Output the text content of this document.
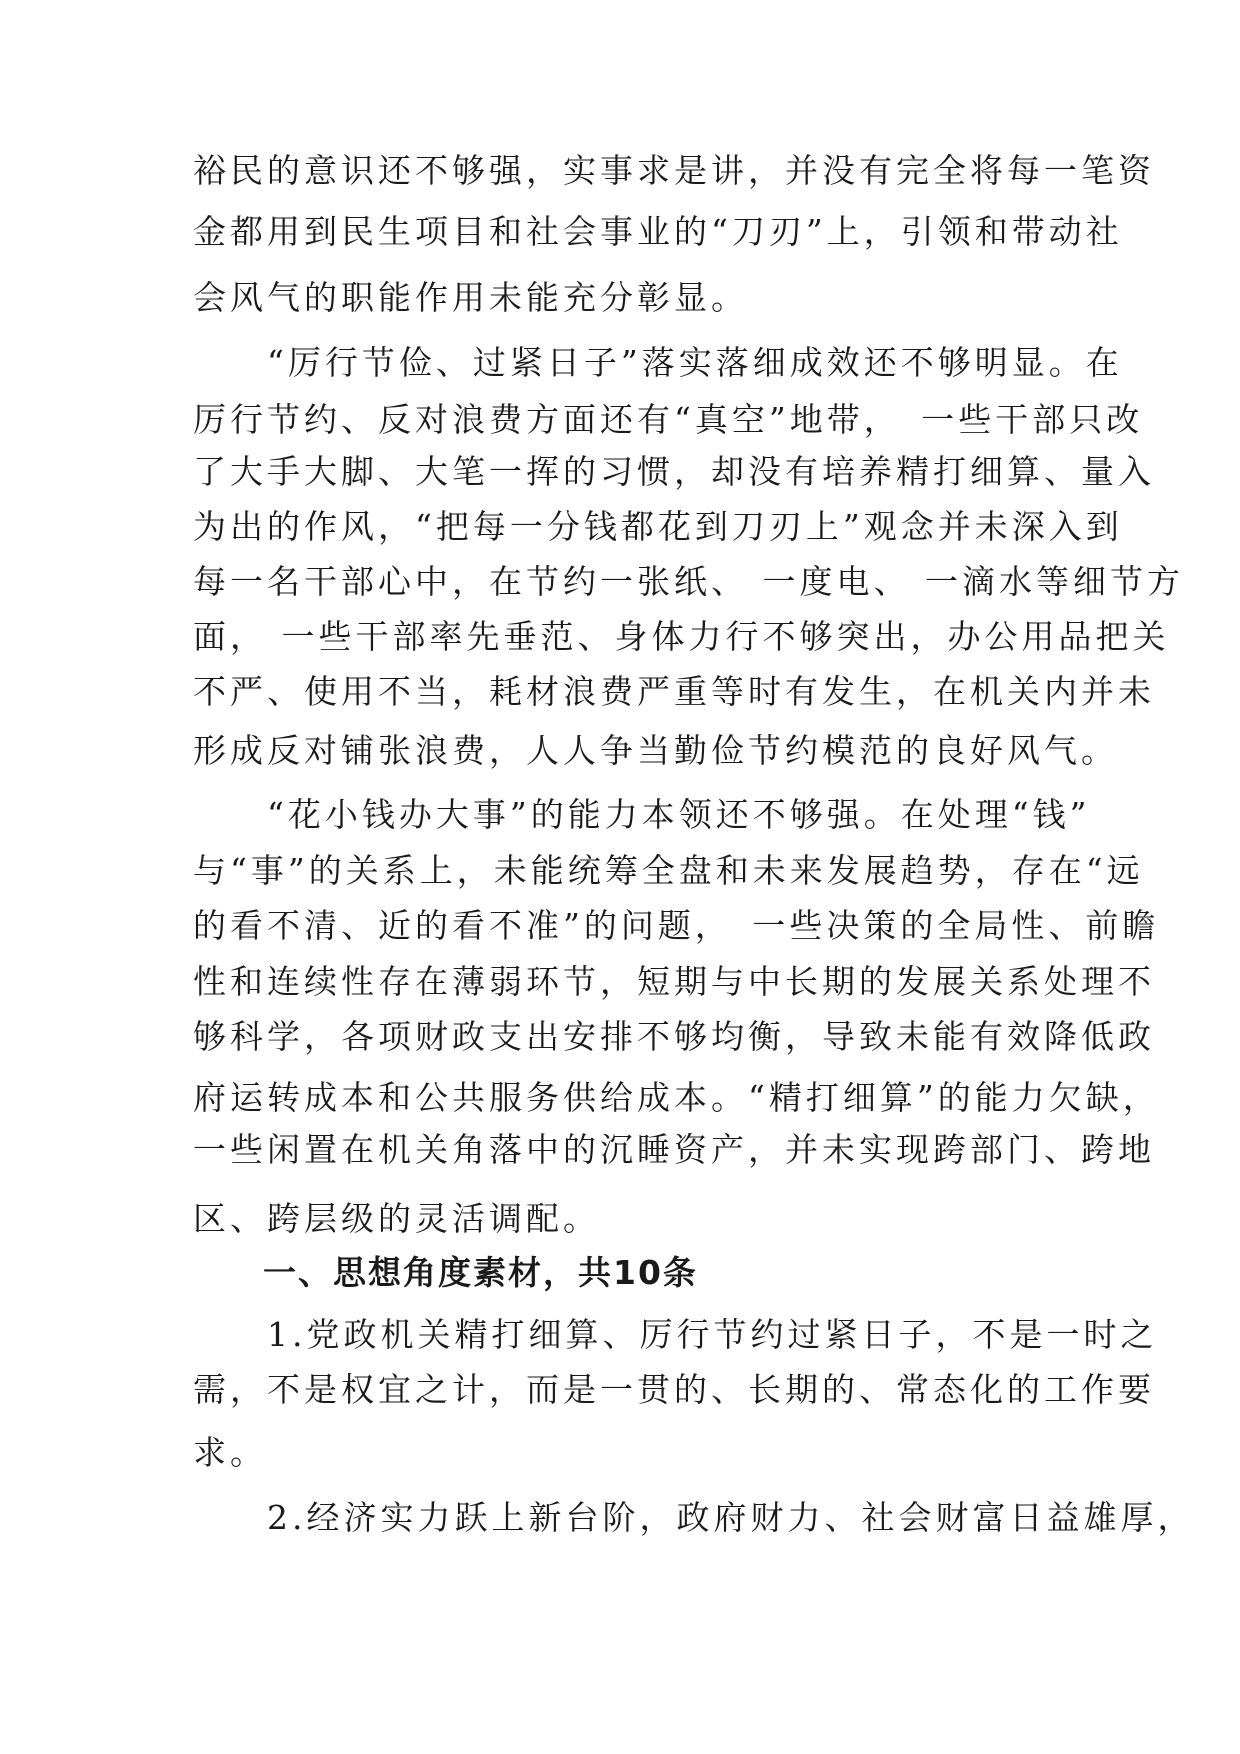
裕民的意识还不够强，实事求是讲，并没有完全将每一笔资
金都用到民生项目和社会事业的“刀刃”上，引领和带动社
会风气的职能作用未能充分彰显。
　　“厉行节俭、过紧日子”落实落细成效还不够明显。在
厉行节约、反对浪费方面还有“真空”地带，　一些干部只改
了大手大脚、大笔一挥的习惯，却没有培养精打细算、量入
为出的作风，“把每一分钱都花到刀刃上”观念并未深入到
每一名干部心中，在节约一张纸、 一度电、 一滴水等细节方
面， 一些干部率先垂范、身体力行不够突出，办公用品把关
不严、使用不当，耗材浪费严重等时有发生，在机关内并未
形成反对铺张浪费，人人争当勤俭节约模范的良好风气。
　　“花小钱办大事”的能力本领还不够强。在处理“钱”
与“事”的关系上，未能统筹全盘和未来发展趋势，存在“远
的看不清、近的看不准”的问题，　一些决策的全局性、前瞻
性和连续性存在薄弱环节，短期与中长期的发展关系处理不
够科学，各项财政支出安排不够均衡，导致未能有效降低政
府运转成本和公共服务供给成本。“精打细算”的能力欠缺，
一些闲置在机关角落中的沉睡资产，并未实现跨部门、跨地
区、跨层级的灵活调配。
　　一、思想角度素材，共10条
　　1.党政机关精打细算、厉行节约过紧日子，不是一时之
需，不是权宜之计，而是一贯的、长期的、常态化的工作要
求。
　　2.经济实力跃上新台阶，政府财力、社会财富日益雄厚，
